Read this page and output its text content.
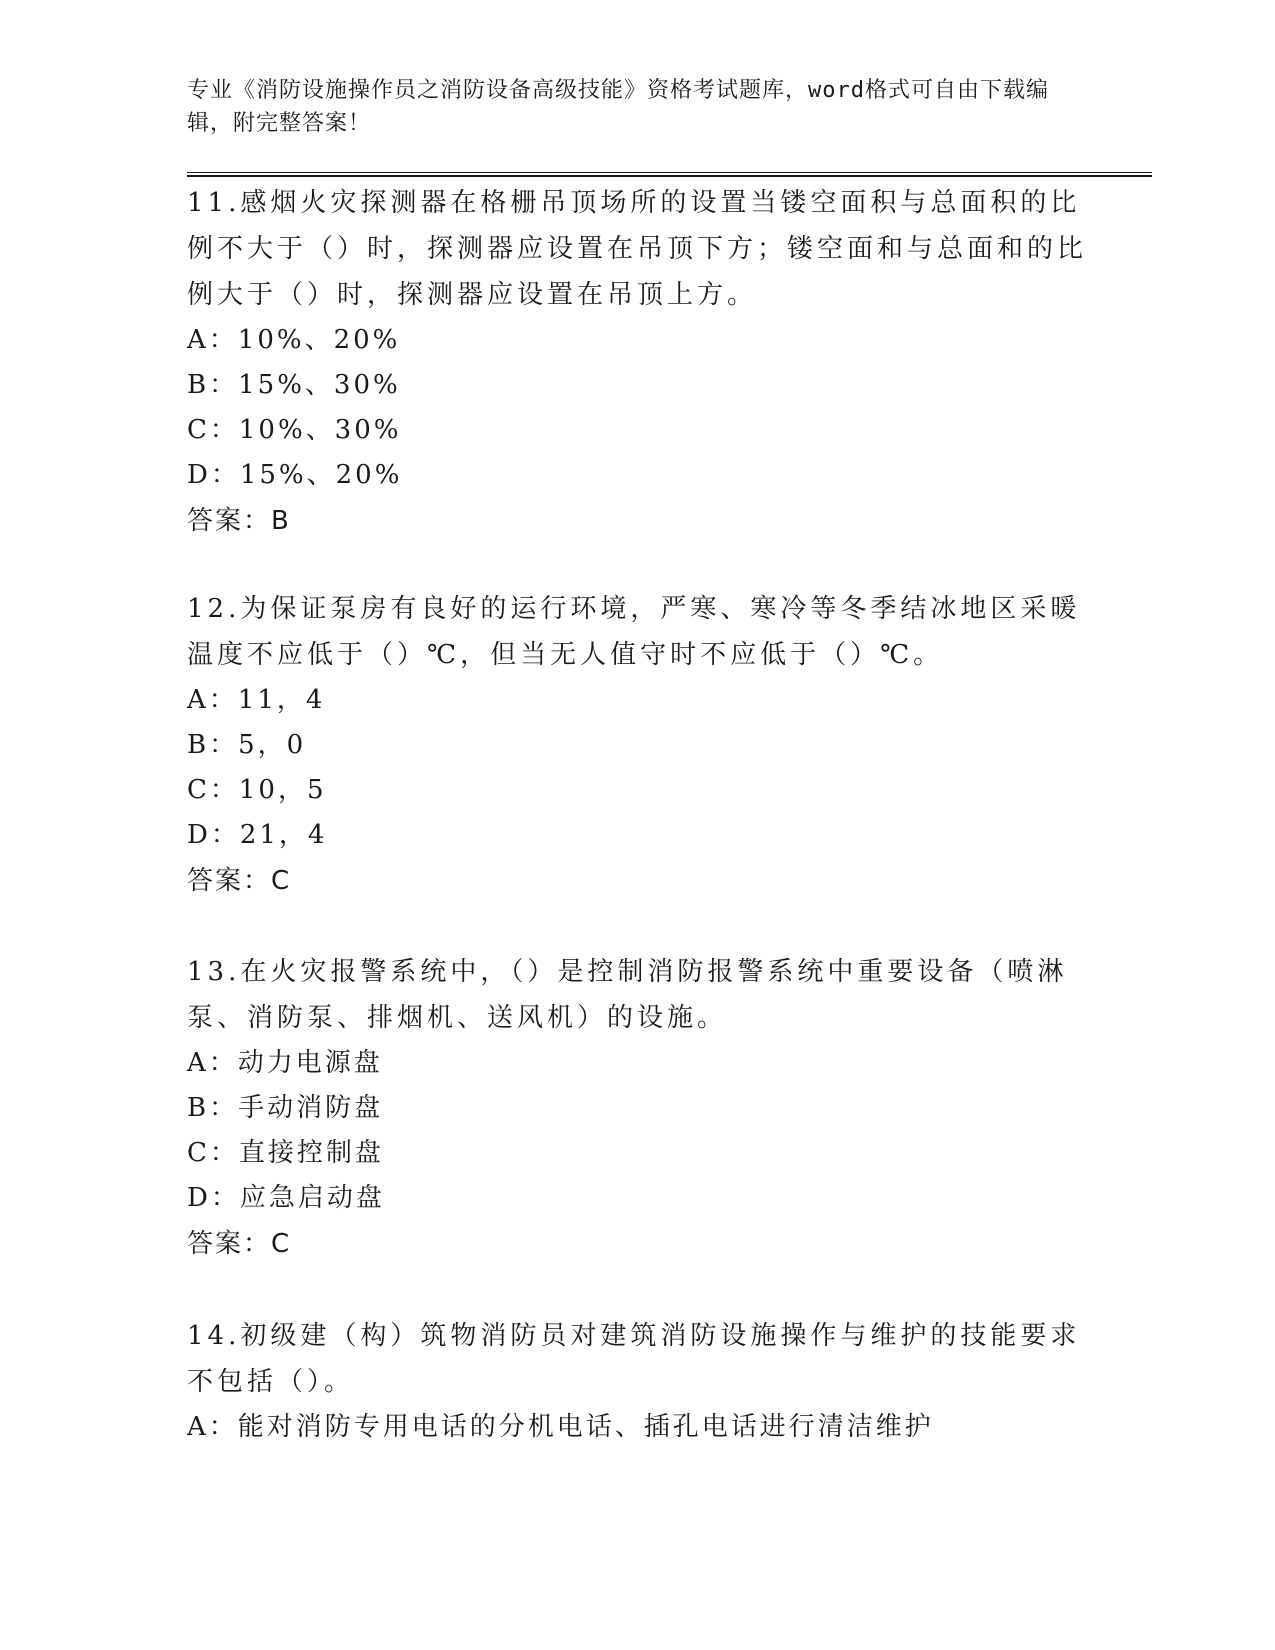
专业《消防设施操作员之消防设备高级技能》资格考试题库，word格式可自由下载编辑，附完整答案！

11.感烟火灾探测器在格栅吊顶场所的设置当镂空面积与总面积的比例不大于（）时，探测器应设置在吊顶下方；镂空面和与总面和的比例大于（）时，探测器应设置在吊顶上方。

A：10%、20%

B：15%、30%

C：10%、30%

D：15%、20%

答案：B

12.为保证泵房有良好的运行环境，严寒、寒冷等冬季结冰地区采暖温度不应低于（）℃，但当无人值守时不应低于（）℃。

A：11，4

B：5，0

C：10，5

D：21，4

答案：C

13.在火灾报警系统中，（）是控制消防报警系统中重要设备（喷淋泵、消防泵、排烟机、送风机）的设施。

A：动力电源盘

B：手动消防盘

C：直接控制盘

D：应急启动盘

答案：C

14.初级建（构）筑物消防员对建筑消防设施操作与维护的技能要求不包括（）。

A：能对消防专用电话的分机电话、插孔电话进行清洁维护
